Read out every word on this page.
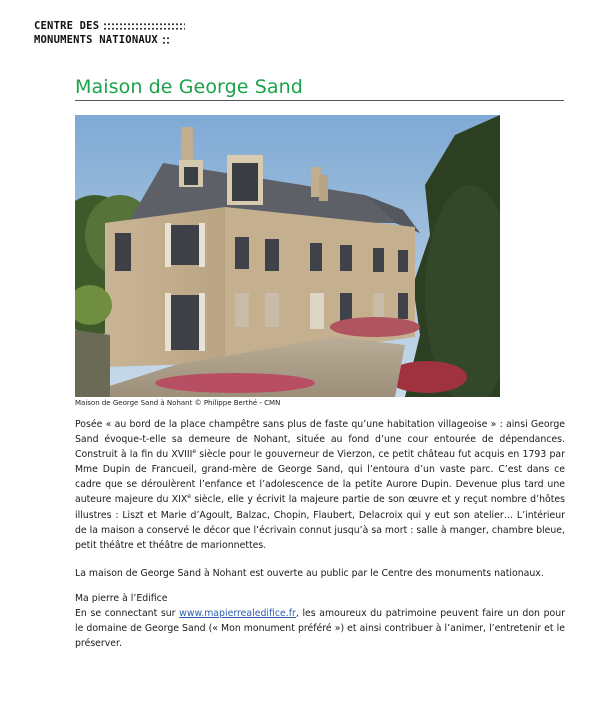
CENTRE DES
MONUMENTS NATIONAUX
Maison de George Sand
Maison de George Sand à Nohant © Philippe Berthé - CMN

Posée « au bord de la place champêtre sans plus de faste qu’une habitation villageoise » : ainsi George Sand évoque-t-elle sa demeure de Nohant, située au fond d’une cour entourée de dépendances. Construit à la fin du XVIIIe siècle pour le gouverneur de Vierzon, ce petit château fut acquis en 1793 par Mme Dupin de Francueil, grand-mère de George Sand, qui l’entoura d’un vaste parc. C’est dans ce cadre que se déroulèrent l’enfance et l’adolescence de la petite Aurore Dupin. Devenue plus tard une auteure majeure du XIXe siècle, elle y écrivit la majeure partie de son œuvre et y reçut nombre d’hôtes illustres : Liszt et Marie d’Agoult, Balzac, Chopin, Flaubert, Delacroix qui y eut son atelier… L’intérieur de la maison a conservé le décor que l’écrivain connut jusqu’à sa mort : salle à manger, chambre bleue, petit théâtre et théâtre de marionnettes.

La maison de George Sand à Nohant est ouverte au public par le Centre des monuments nationaux.

Ma pierre à l’Edifice

En se connectant sur www.mapierrealedifice.fr, les amoureux du patrimoine peuvent faire un don pour le domaine de George Sand (« Mon monument préféré ») et ainsi contribuer à l’animer, l’entretenir et le préserver.
